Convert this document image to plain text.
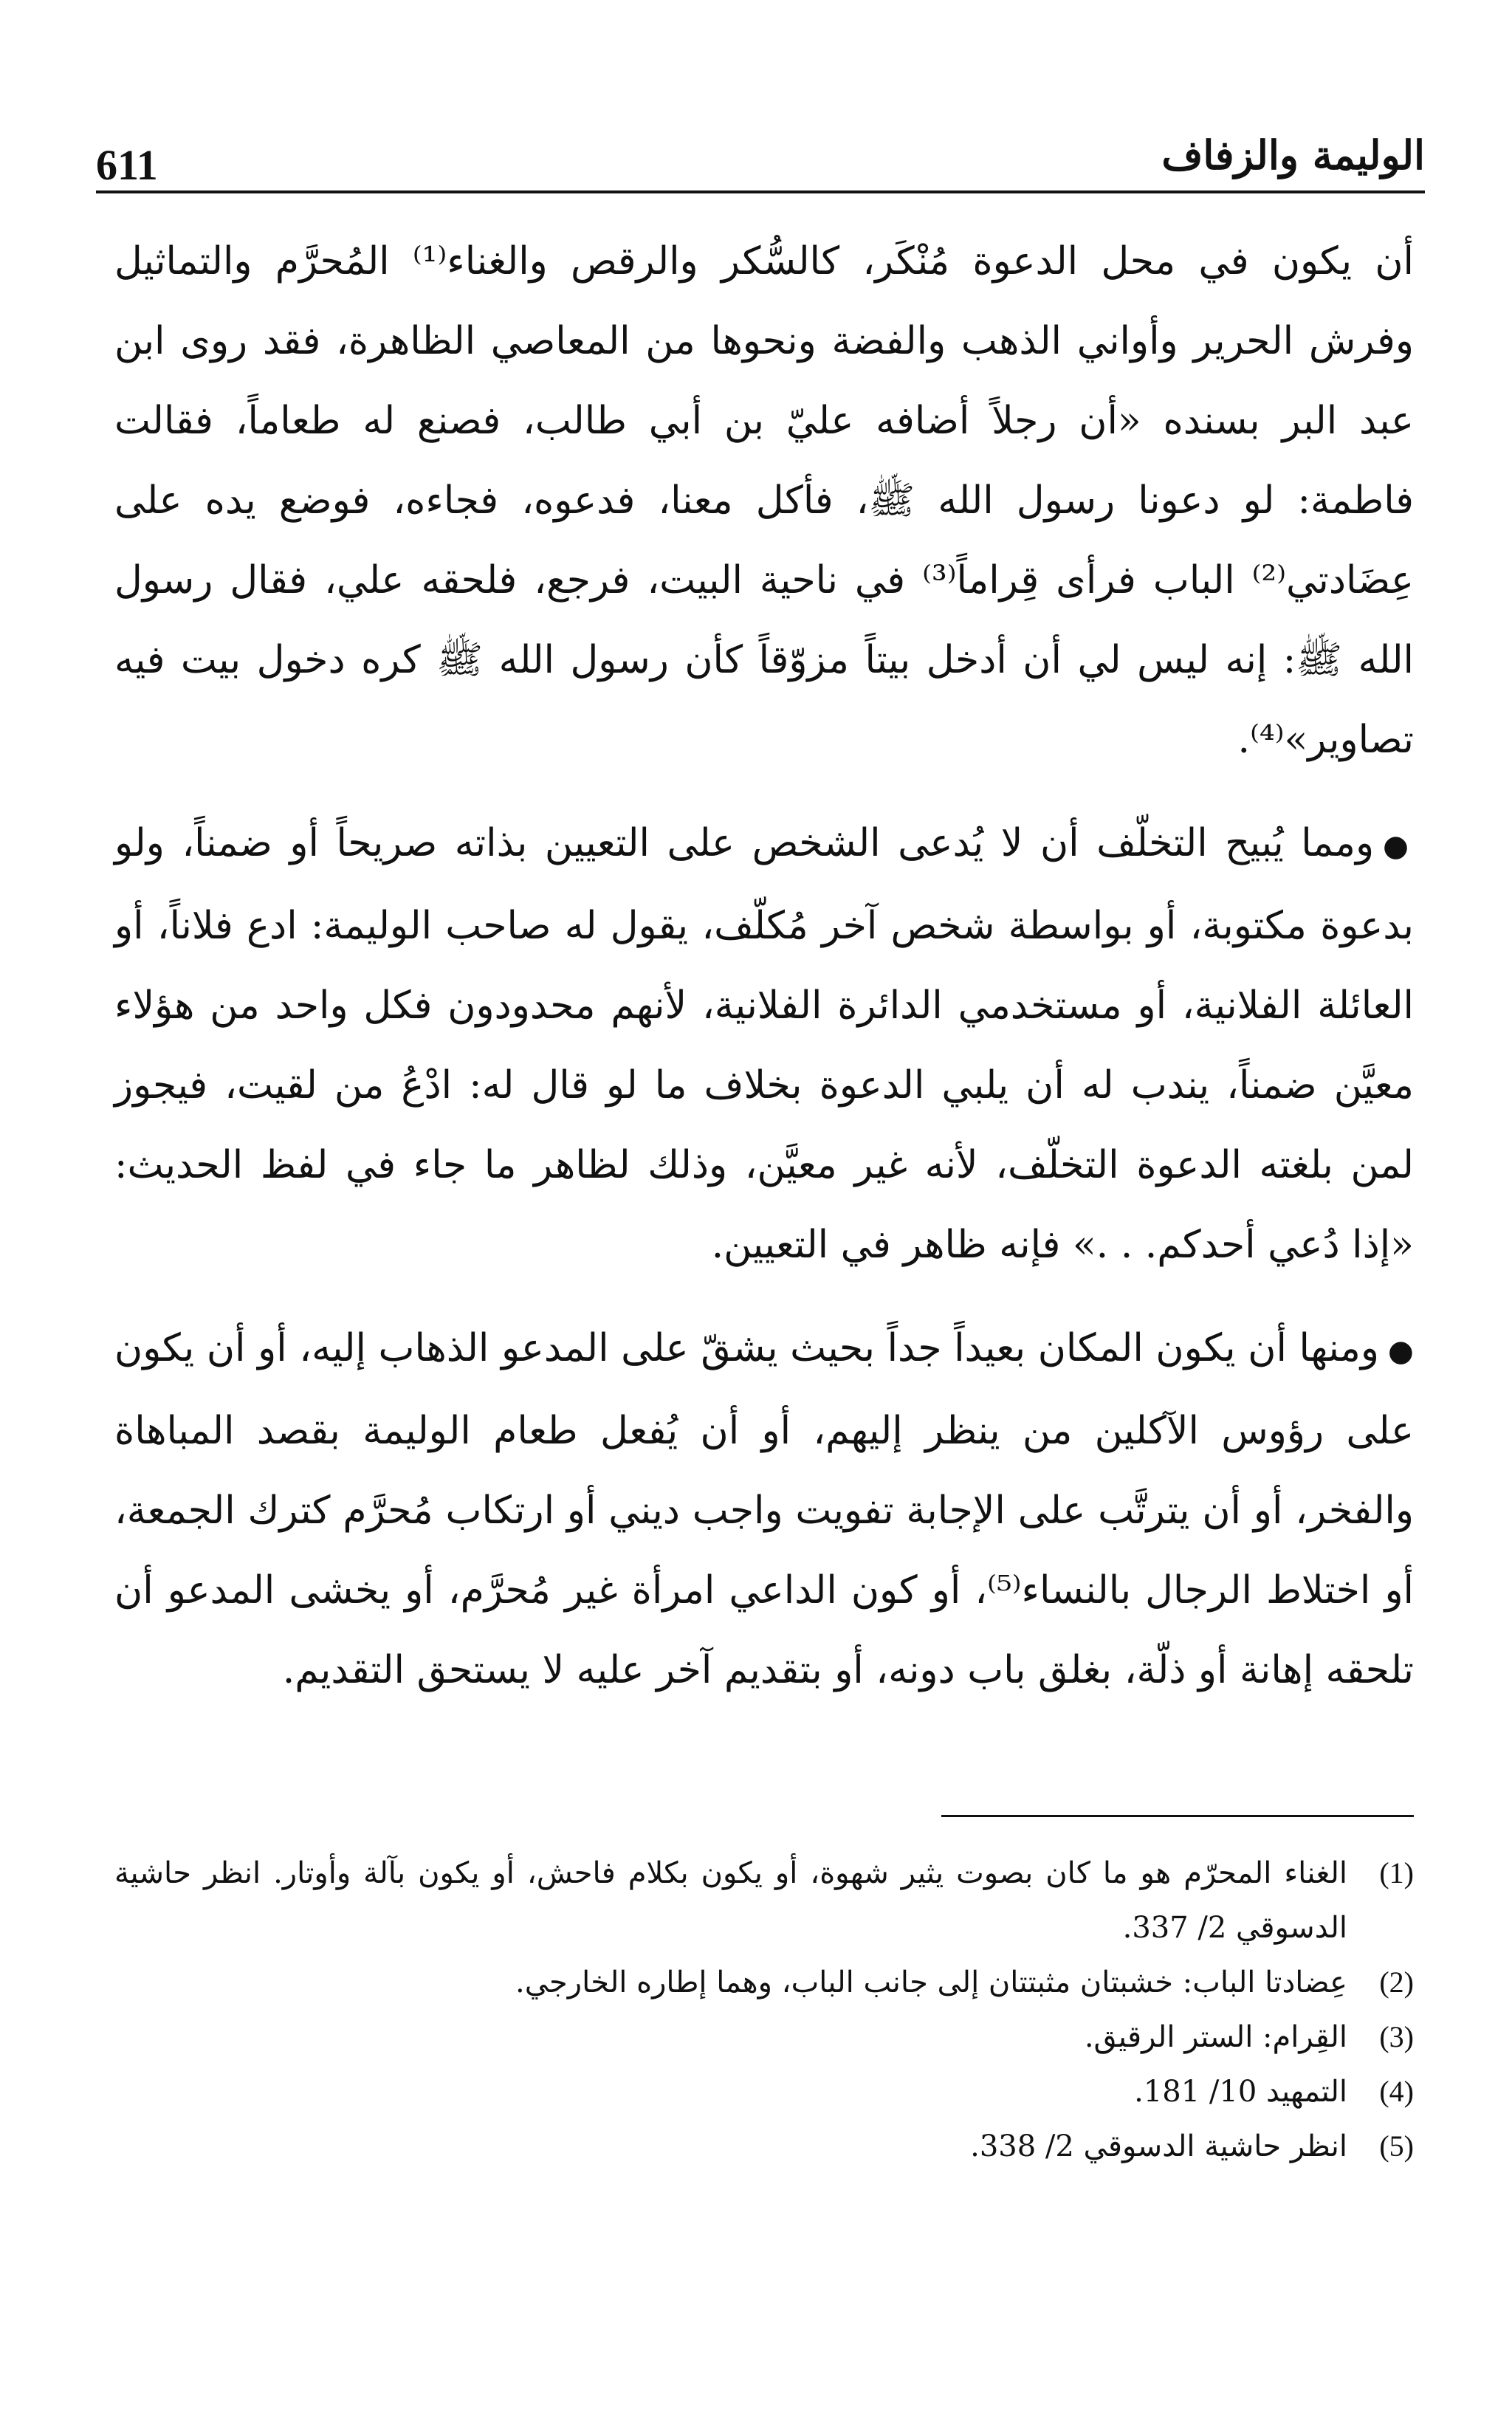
611	الوليمة والزفاف

أن يكون في محل الدعوة مُنْكَر، كالسُّكر والرقص والغناء⁽¹⁾ المُحرَّم والتماثيل وفرش الحرير وأواني الذهب والفضة ونحوها من المعاصي الظاهرة، فقد روى ابن عبد البر بسنده «أن رجلاً أضافه عليّ بن أبي طالب، فصنع له طعاماً، فقالت فاطمة: لو دعونا رسول الله ﷺ، فأكل معنا، فدعوه، فجاءه، فوضع يده على عِضَادتي⁽²⁾ الباب فرأى قِراماً⁽³⁾ في ناحية البيت، فرجع، فلحقه علي، فقال رسول الله ﷺ: إنه ليس لي أن أدخل بيتاً مزوّقاً كأن رسول الله ﷺ كره دخول بيت فيه تصاوير»⁽⁴⁾.

●ومما يُبيح التخلّف أن لا يُدعى الشخص على التعيين بذاته صريحاً أو ضمناً، ولو بدعوة مكتوبة، أو بواسطة شخص آخر مُكلّف، يقول له صاحب الوليمة: ادع فلاناً، أو العائلة الفلانية، أو مستخدمي الدائرة الفلانية، لأنهم محدودون فكل واحد من هؤلاء معيَّن ضمناً، يندب له أن يلبي الدعوة بخلاف ما لو قال له: ادْعُ من لقيت، فيجوز لمن بلغته الدعوة التخلّف، لأنه غير معيَّن، وذلك لظاهر ما جاء في لفظ الحديث: «إذا دُعي أحدكم. . .» فإنه ظاهر في التعيين.

●ومنها أن يكون المكان بعيداً جداً بحيث يشقّ على المدعو الذهاب إليه، أو أن يكون على رؤوس الآكلين من ينظر إليهم، أو أن يُفعل طعام الوليمة بقصد المباهاة والفخر، أو أن يترتَّب على الإجابة تفويت واجب ديني أو ارتكاب مُحرَّم كترك الجمعة، أو اختلاط الرجال بالنساء⁽⁵⁾، أو كون الداعي امرأة غير مُحرَّم، أو يخشى المدعو أن تلحقه إهانة أو ذلّة، بغلق باب دونه، أو بتقديم آخر عليه لا يستحق التقديم.

(1)
الغناء المحرّم هو ما كان بصوت يثير شهوة، أو يكون بكلام فاحش، أو يكون بآلة وأوتار. انظر حاشية الدسوقي 2/ 337.
(2)
عِضادتا الباب: خشبتان مثبتتان إلى جانب الباب، وهما إطاره الخارجي.
(3)
القِرام: الستر الرقيق.
(4)
التمهيد 10/ 181.
(5)
انظر حاشية الدسوقي 2/ 338.
